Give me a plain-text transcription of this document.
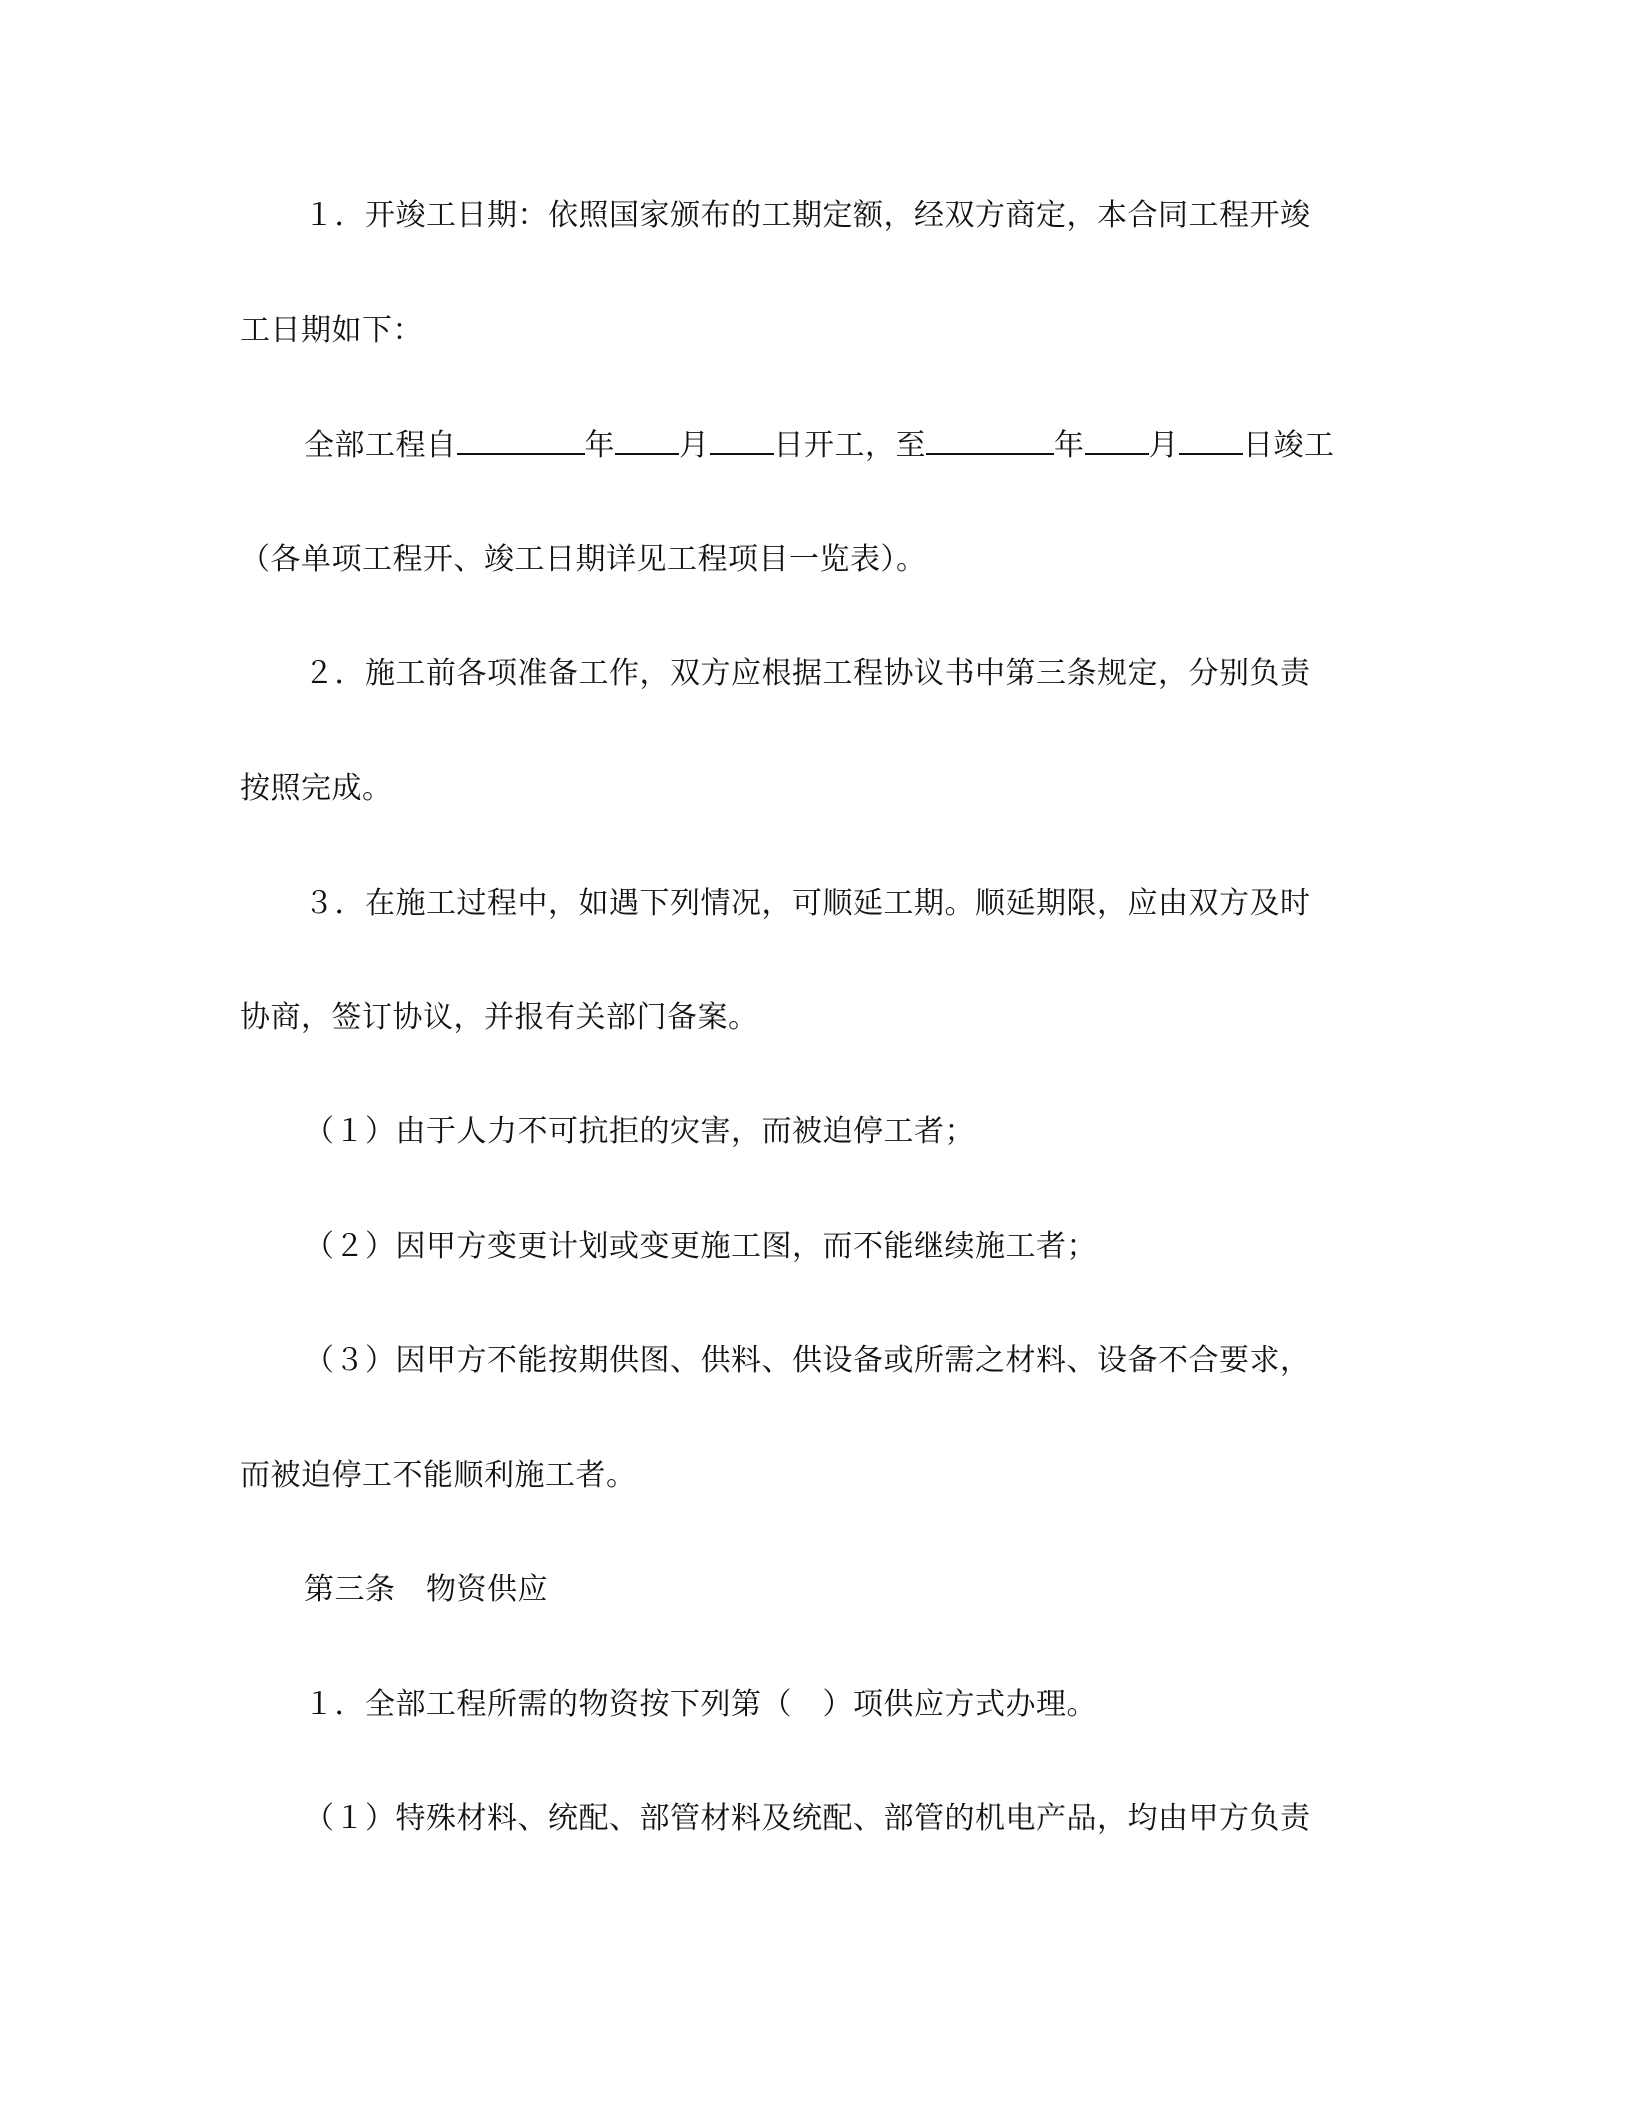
１．开竣工日期：依照国家颁布的工期定额，经双方商定，本合同工程开竣
工日期如下：
全部工程自	年 月 日开工，至	年 月 日竣工
（各单项工程开、竣工日期详见工程项目一览表）。
２．施工前各项准备工作，双方应根据工程协议书中第三条规定，分别负责
按照完成。
３．在施工过程中，如遇下列情况，可顺延工期。顺延期限，应由双方及时
协商，签订协议，并报有关部门备案。
（１）由于人力不可抗拒的灾害，而被迫停工者；
（２）因甲方变更计划或变更施工图，而不能继续施工者；
（３）因甲方不能按期供图、供料、供设备或所需之材料、设备不合要求，
而被迫停工不能顺利施工者。
第三条　物资供应
１．全部工程所需的物资按下列第（　）项供应方式办理。
（１）特殊材料、统配、部管材料及统配、部管的机电产品，均由甲方负责
